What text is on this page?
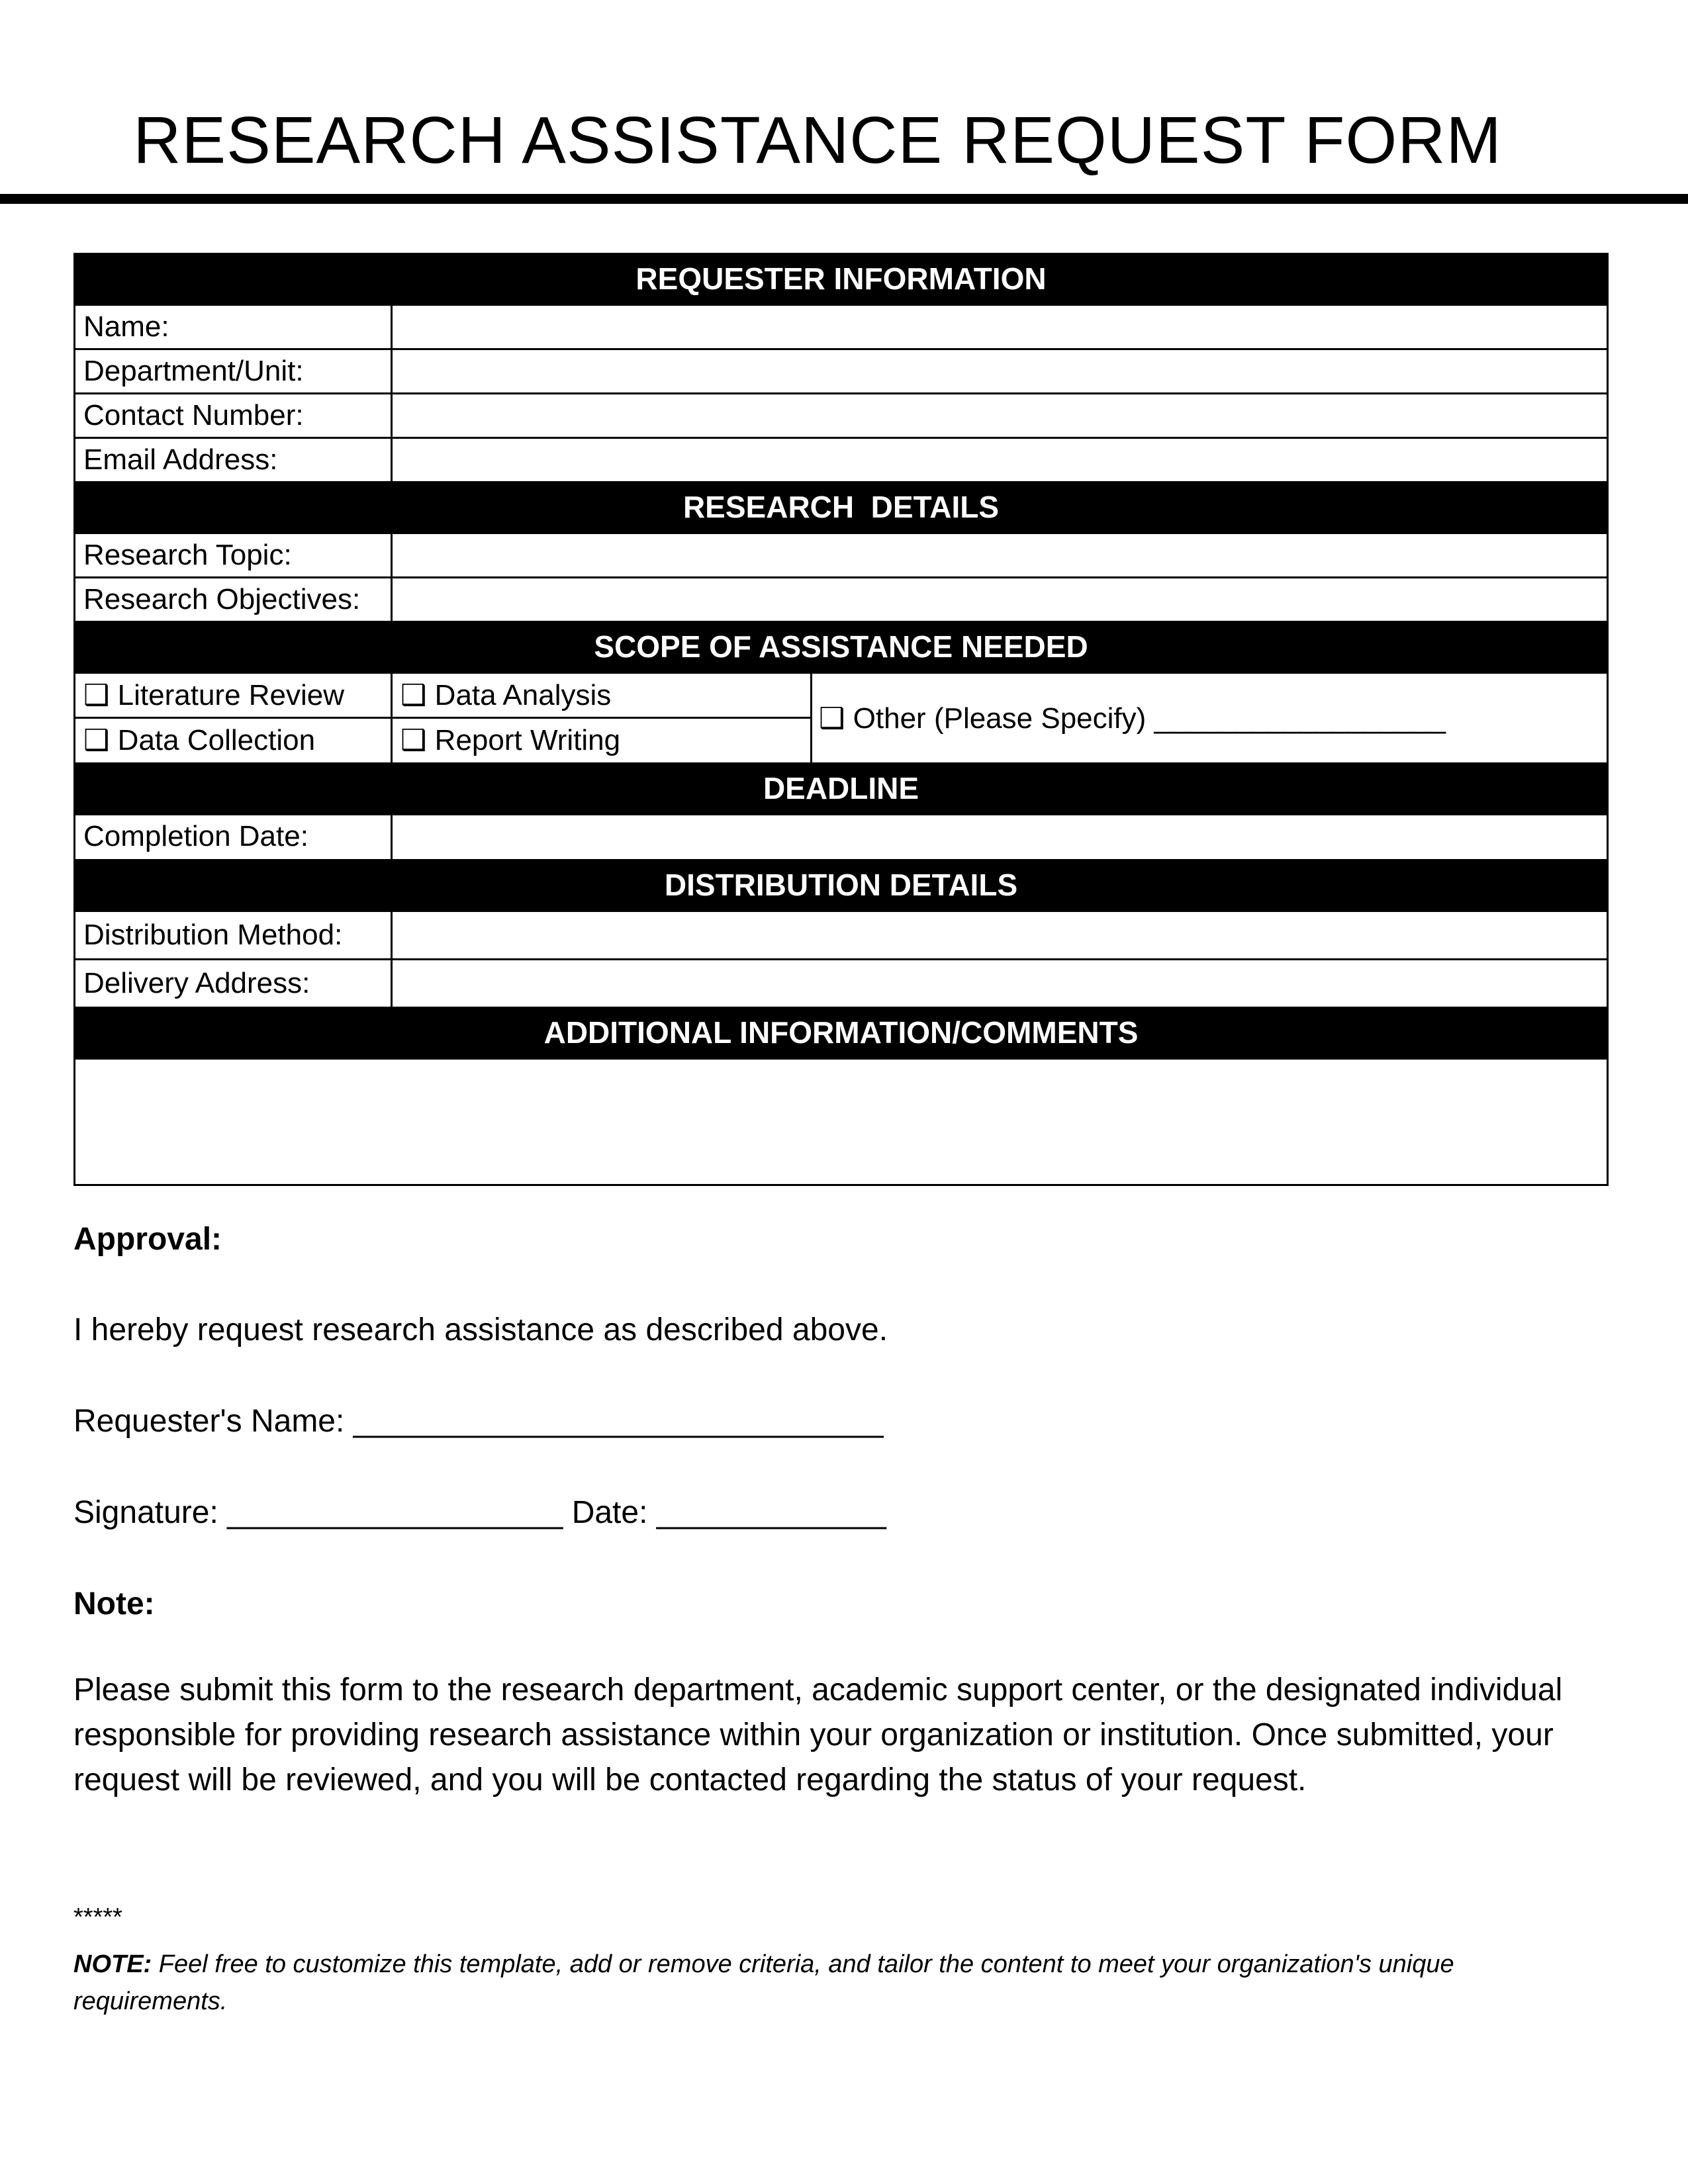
RESEARCH ASSISTANCE REQUEST FORM
REQUESTER INFORMATION
Name:
Department/Unit:
Contact Number:
Email Address:
RESEARCH  DETAILS
Research Topic:
Research Objectives:
SCOPE OF ASSISTANCE NEEDED
❑ Literature Review
❑ Data Collection
❑ Data Analysis
❑ Report Writing
❑ Other (Please Specify) __________________
DEADLINE
Completion Date:
DISTRIBUTION DETAILS
Distribution Method:
Delivery Address:
ADDITIONAL INFORMATION/COMMENTS
Approval:
I hereby request research assistance as described above.
Requester's Name: ______________________________
Signature: ___________________ Date: _____________
Note:
Please submit this form to the research department, academic support center, or the designated individual responsible for providing research assistance within your organization or institution. Once submitted, your request will be reviewed, and you will be contacted regarding the status of your request.
*****
NOTE: Feel free to customize this template, add or remove criteria, and tailor the content to meet your organization's unique requirements.
